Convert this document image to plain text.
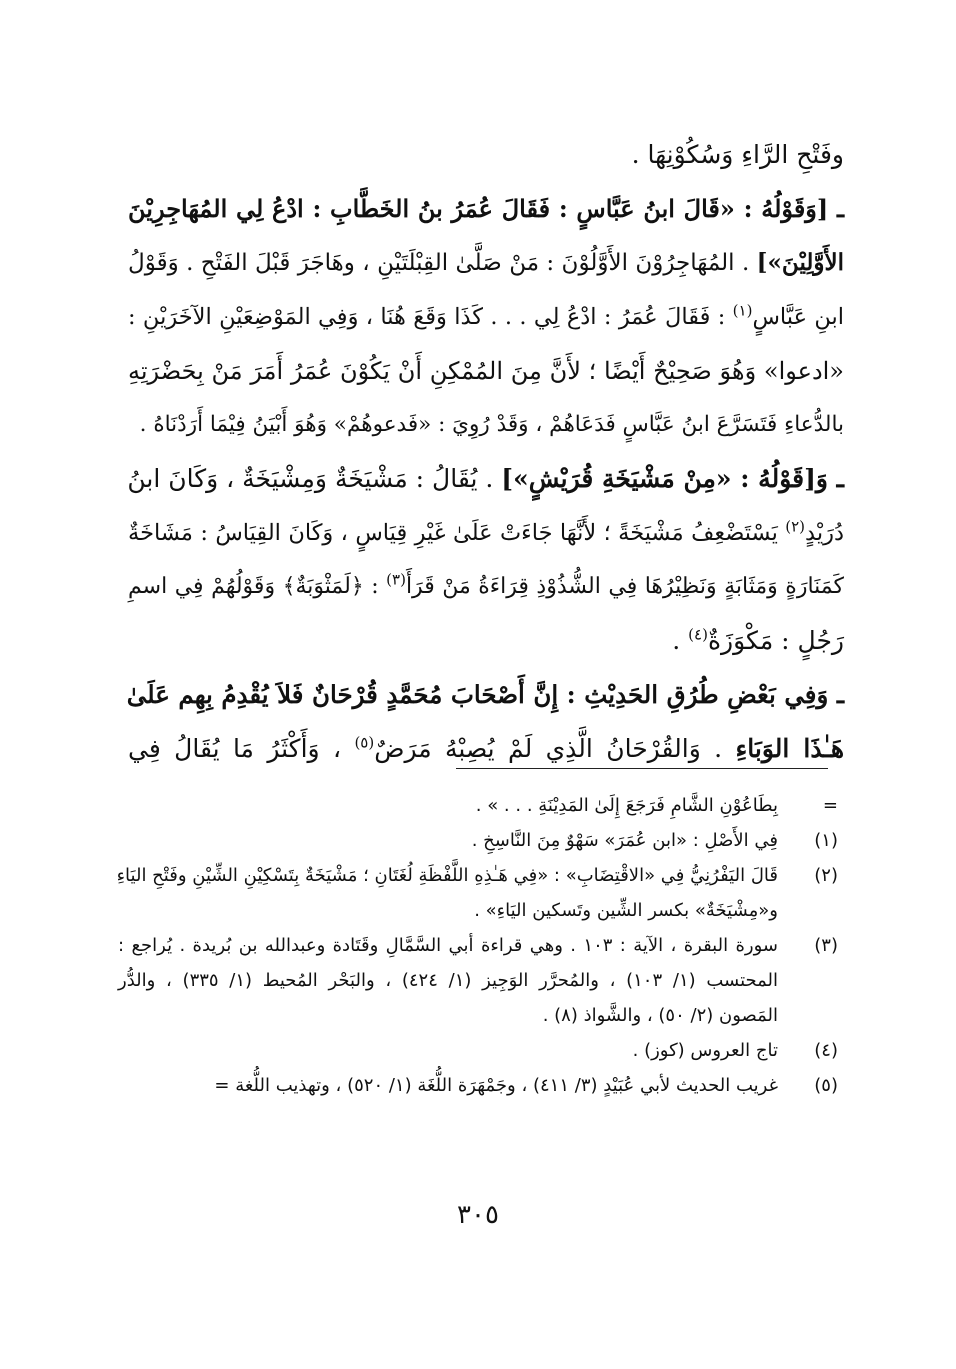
وفَتْحِ الرَّاءِ وَسُكُوْنِهَا .
ـ [وَقَوْلُهُ : «قَالَ ابنُ عَبَّاسٍ : فَقَالَ عُمَرُ بنُ الخَطَّابِ : ادْعُ لِي المُهَاجِرِيْنَ
الأَوَّلِيْنَ»] . المُهَاجِرُوْنَ الأَوَّلُوْنَ : مَنْ صَلَّىٰ القِبْلَتَيْنِ ، وهَاجَرَ قَبْلَ الفَتْحِ . وَقَوْلُ
ابنِ عَبَّاسٍ$^{(١)}$ : فَقَالَ عُمَرُ : ادْعُ لِي . . . كَذَا وَقَعَ هُنَا ، وَفِي المَوْضِعَيْنِ الآخَرَيْنِ :
«ادعوا» وَهُوَ صَحِيْحٌ أَيْضًا ؛ لأَنَّ مِنَ المُمْكِنِ أَنْ يَكُوْنَ عُمَرُ أَمَرَ مَنْ بِحَضْرَتِهِ
بالدُّعاءِ فَتَسَرَّعَ ابنُ عَبَّاسٍ فَدَعَاهُمْ ، وَقَدْ رُوِيَ : «فَدعوهُمْ» وَهُوَ أَبْيَنُ فِيْمَا أَرَدْنَاهُ .
ـ وَ[قَوْلُهُ : «مِنْ مَشْيَخَةِ قُرَيْشٍ»] . يُقَالُ : مَشْيَخَةٌ وَمِشْيَخَةٌ ، وَكَانَ ابنُ
دُرَيْدٍ$^{(٢)}$ يَسْتَضْعِفُ مَشْيَخَةً ؛ لأَنَّهَا جَاءَتْ عَلَىٰ غَيْرِ قِيَاسٍ ، وَكَانَ القِيَاسُ : مَشَاخَةٌ
كَمَنَارَةٍ وَمَثَابَةٍ وَنَظِيْرُهَا فِي الشُّذُوْذِ قِرَاءَةُ مَنْ قَرَأَ$^{(٣)}$ : ﴿لَمَثْوَبَةٌ﴾ وَقَوْلُهُمْ فِي اسمِ
رَجُلٍ : مَكْوَزَةٌ$^{(٤)}$ .
ـ وَفِي بَعْضِ طُرُقِ الحَدِيْثِ : إِنَّ أَصْحَابَ مُحَمَّدٍ قُرْحَانٌ فَلاَ يُقْدِمُ بِهِم عَلَىٰ
هَـٰذَا الوَبَاءِ . وَالقُرْحَانُ الَّذِي لَمْ يُصِبْهُ مَرَضٌ$^{(٥)}$ ، وَأَكْثَرُ مَا يُقَالُ فِي
=
بِطَاعُوْنِ الشَّامِ فَرَجَعَ إِلَىٰ المَدِيْنَةِ . . . » .
(١)
فِي الأَصْلِ : «ابن عُمَرَ» سَهْوٌ مِنَ النَّاسِخِ .
(٢)
قَالَ اليَفْرُنِيُّ فِي «الاقْتِضَابِ» : «فِي هَـٰذِهِ اللَّفْظَةِ لُغَتَانِ ؛ مَشْيَخَةٌ بِتَسْكِيْنِ الشِّيْنِ وفَتْحِ اليَاءِ
و«مِشْيَخَةٌ» بكسر الشِّين وتَسكين اليَاءِ» .
(٣)
سورة البقرة ، الآية : ١٠٣ . وهي قراءة أبي السَّمَّالِ وقَتَادة وعبدالله بن بُريدة . يُراجع :
المحتسب (١/ ١٠٣) ، والمُحرَّر الوَجِيز (١/ ٤٢٤) ، والبَحْر المُحيط (١/ ٣٣٥) ، والدُّر
المَصون (٢/ ٥٠) ، والشَّواذ (٨) .
(٤)
تاج العروس (كوز) .
(٥)
غريب الحديث لأبي عُبَيْدٍ (٣/ ٤١١) ، وجَمْهَرَة اللُّغَة (١/ ٥٢٠) ، وتهذيب اللُّغة =
٣٠٥
